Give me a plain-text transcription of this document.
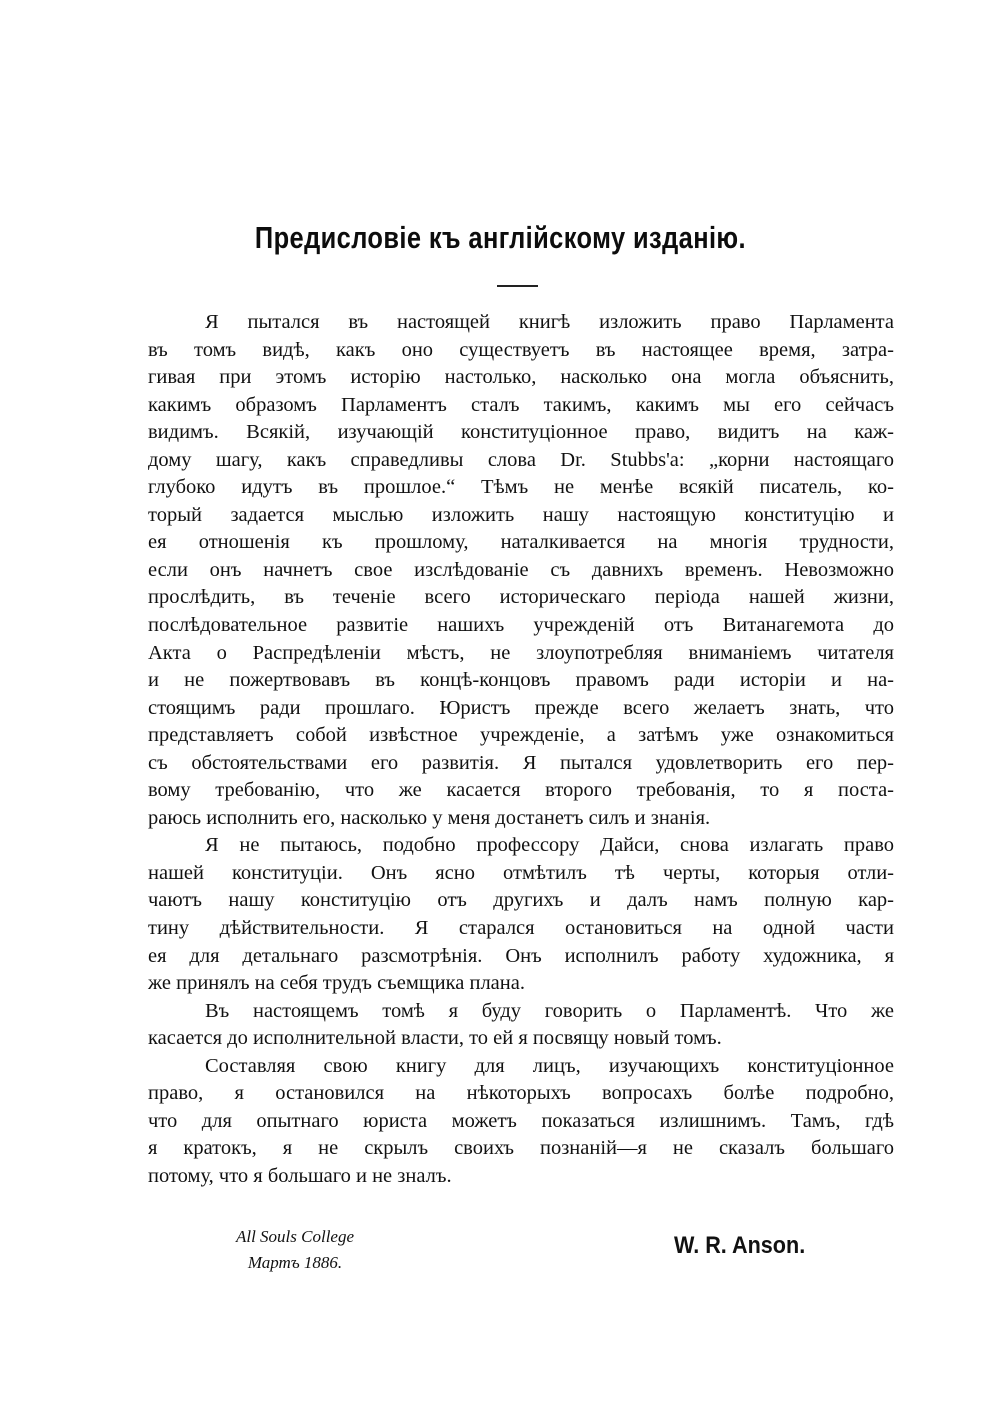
Предисловіе къ англійскому изданію.
Я пытался въ настоящей книгѣ изложить право Парламента
въ томъ видѣ, какъ оно существуетъ въ настоящее время, затра-
гивая при этомъ исторію настолько, насколько она могла объяснить,
какимъ образомъ Парламентъ сталъ такимъ, какимъ мы его сейчасъ
видимъ. Всякій, изучающій конституціонное право, видитъ на каж-
дому шагу, какъ справедливы слова Dr. Stubbs'a: „корни настоящаго
глубоко идутъ въ прошлое.“ Тѣмъ не менѣе всякій писатель, ко-
торый задается мыслью изложить нашу настоящую конституцію и
ея отношенія къ прошлому, наталкивается на многія трудности,
если онъ начнетъ свое изслѣдованіе съ давнихъ временъ. Невозможно
прослѣдить, въ теченіе всего историческаго періода нашей жизни,
послѣдовательное развитіе нашихъ учрежденій отъ Витанагемота до
Акта о Распредѣленіи мѣстъ, не злоупотребляя вниманіемъ читателя
и не пожертвовавъ въ концѣ-концовъ правомъ ради исторіи и на-
стоящимъ ради прошлаго. Юристъ прежде всего желаетъ знать, что
представляетъ собой извѣстное учрежденіе, а затѣмъ уже ознакомиться
съ обстоятельствами его развитія. Я пытался удовлетворить его пер-
вому требованію, что же касается второго требованія, то я поста-
раюсь исполнить его, насколько у меня достанетъ силъ и знанія.
Я не пытаюсь, подобно профессору Дайси, снова излагать право
нашей конституціи. Онъ ясно отмѣтилъ тѣ черты, которыя отли-
чаютъ нашу конституцію отъ другихъ и далъ намъ полную кар-
тину дѣйствительности. Я старался остановиться на одной части
ея для детальнаго разсмотрѣнія. Онъ исполнилъ работу художника, я
же принялъ на себя трудъ съемщика плана.
Въ настоящемъ томѣ я буду говорить о Парламентѣ. Что же
касается до исполнительной власти, то ей я посвящу новый томъ.
Составляя свою книгу для лицъ, изучающихъ конституціонное
право, я остановился на нѣкоторыхъ вопросахъ болѣе подробно,
что для опытнаго юриста можетъ показаться излишнимъ. Тамъ, гдѣ
я кратокъ, я не скрылъ своихъ познаній—я не сказалъ большаго
потому, что я большаго и не зналъ.
All Souls College
Мартъ 1886.
W. R. Anson.
